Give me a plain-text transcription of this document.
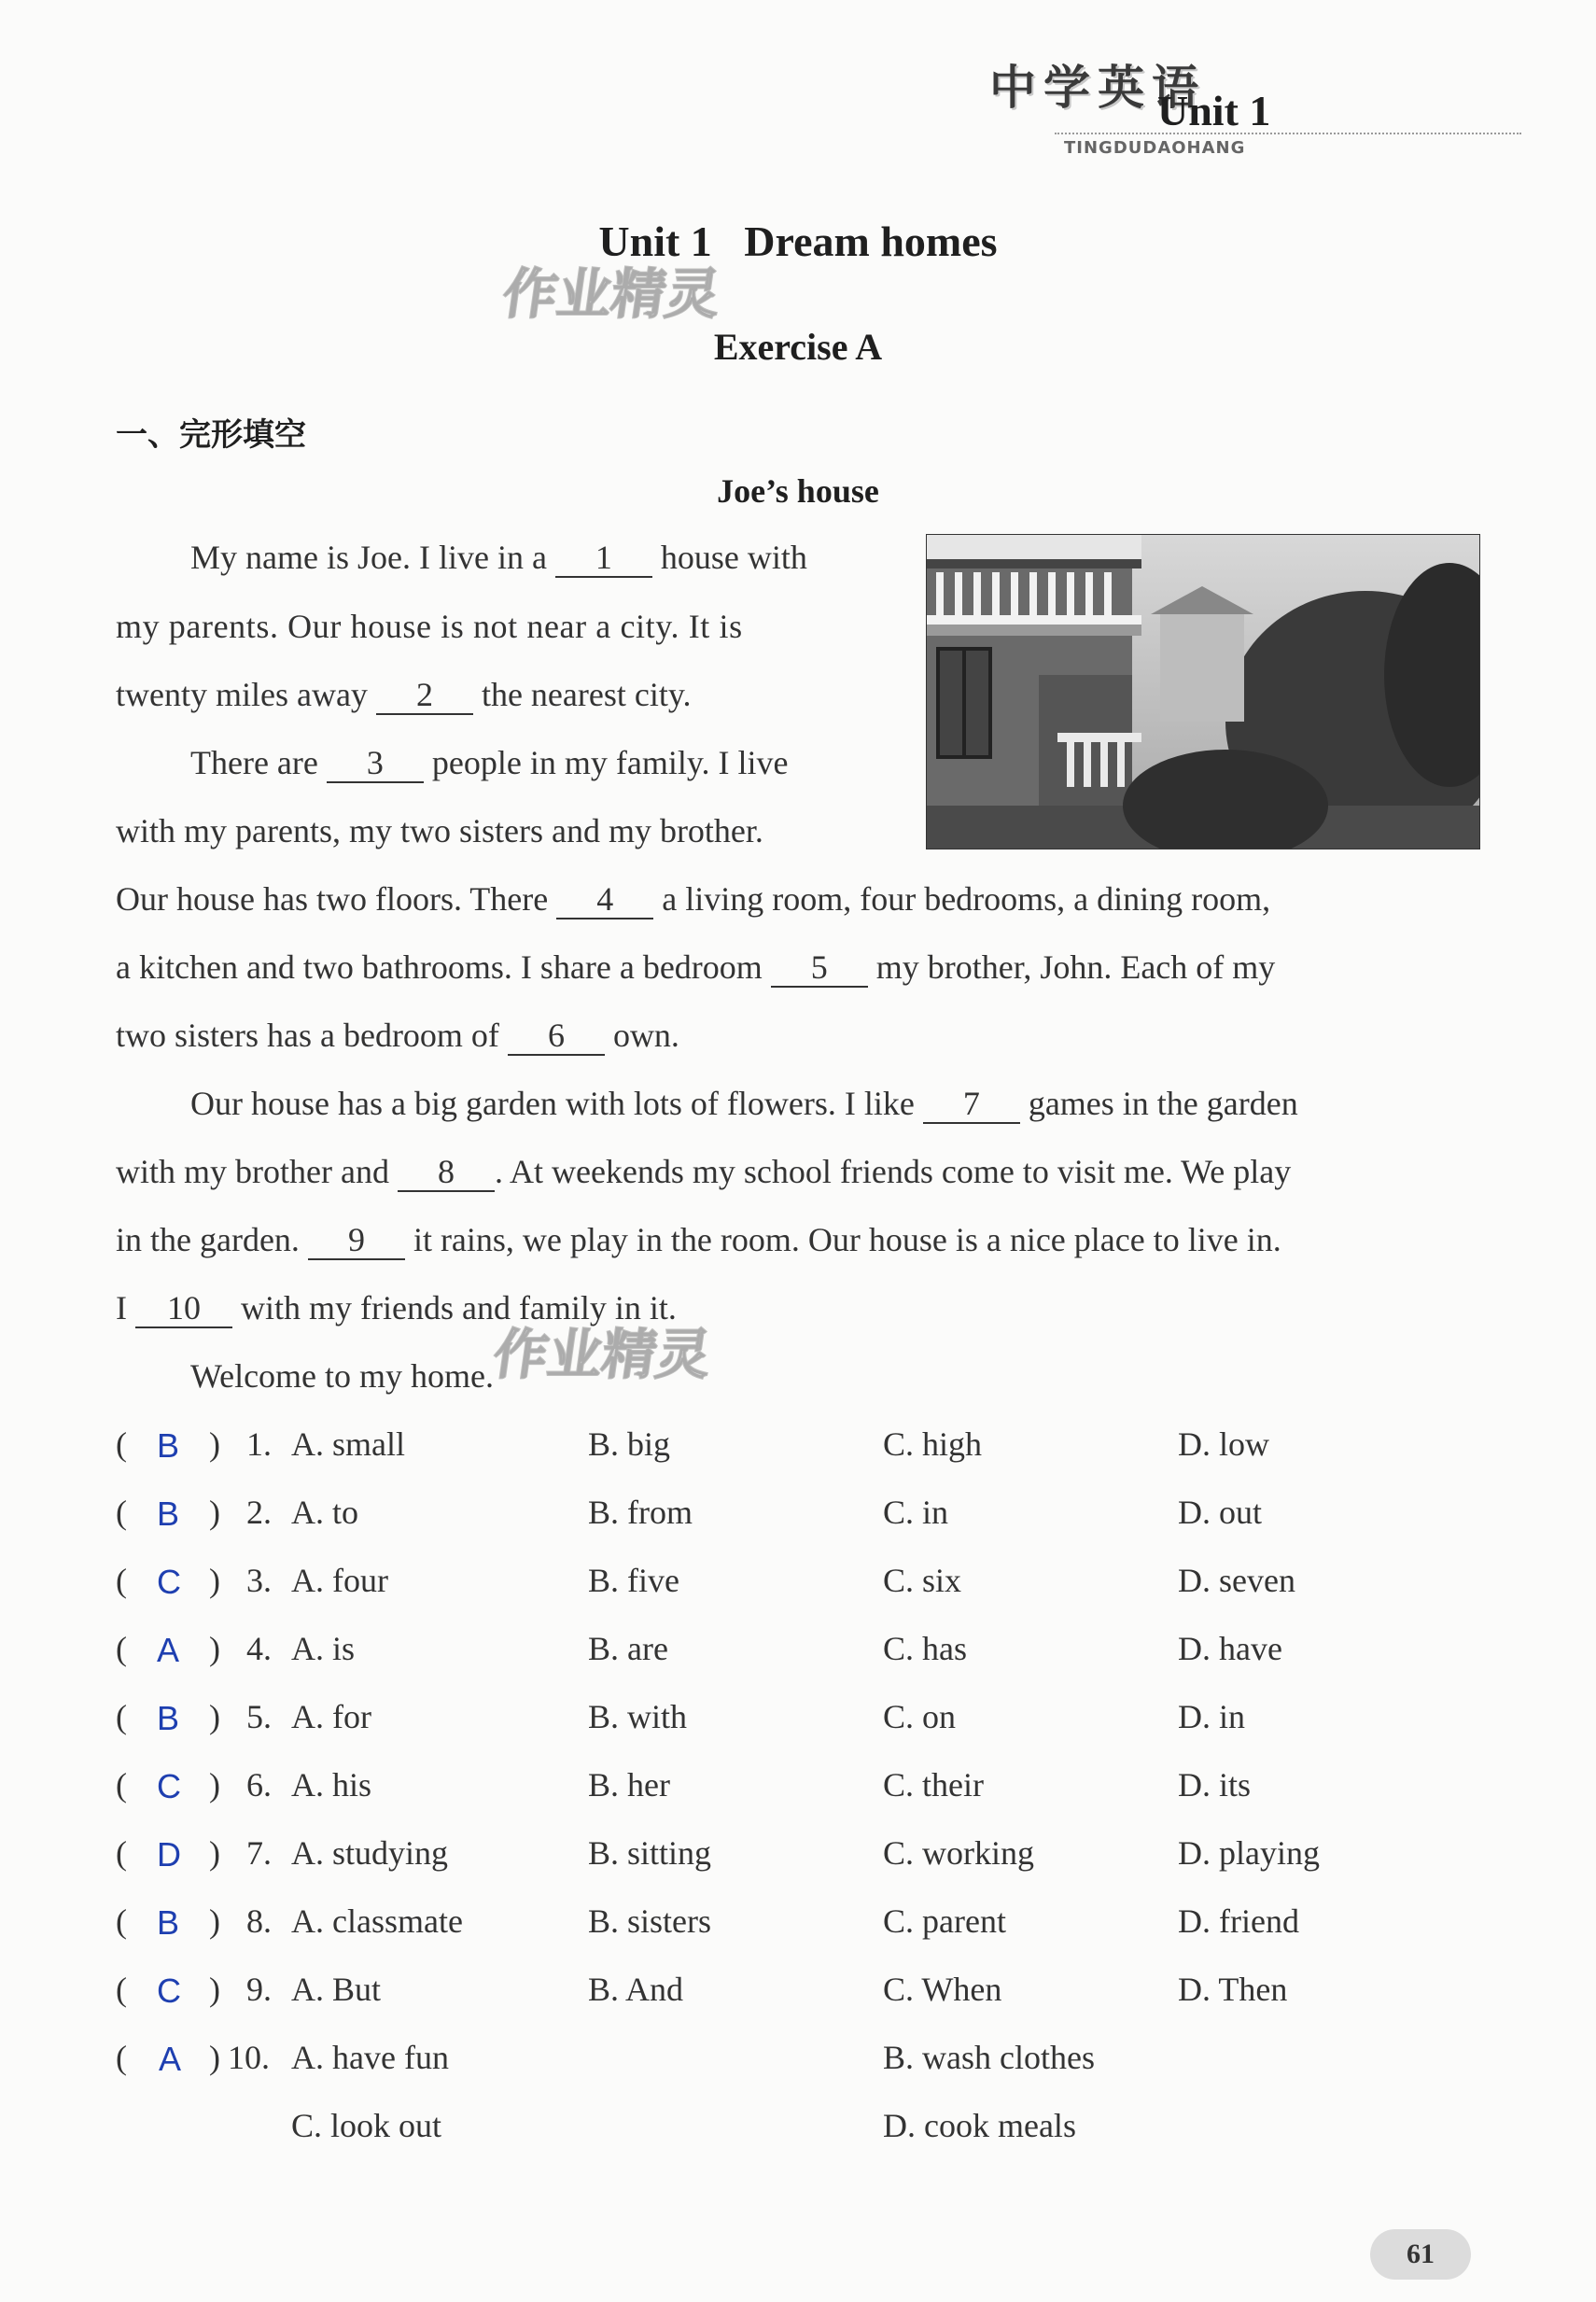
中学英语
Unit 1
TINGDUDAOHANG
Unit 1   Dream homes
作业精灵
Exercise A
一、完形填空
Joe’s house
My name is Joe. I live in a 1 house with
my parents. Our house is not near a city. It is
twenty miles away 2 the nearest city.
There are 3 people in my family. I live
with my parents, my two sisters and my brother.
Our house has two floors. There 4 a living room, four bedrooms, a dining room,
a kitchen and two bathrooms. I share a bedroom 5 my brother, John. Each of my
two sisters has a bedroom of 6 own.
Our house has a big garden with lots of flowers. I like 7 games in the garden
with my brother and 8 . At weekends my school friends come to visit me. We play
in the garden. 9 it rains, we play in the room. Our house is a nice place to live in.
I 10 with my friends and family in it.
作业精灵
Welcome to my home.
( B ) 1. A. small	B. big	C. high	D. low
( B ) 2. A. to	B. from	C. in	D. out
( C ) 3. A. four	B. five	C. six	D. seven
( A ) 4. A. is	B. are	C. has	D. have
( B ) 5. A. for	B. with	C. on	D. in
( C ) 6. A. his	B. her	C. their	D. its
( D ) 7. A. studying	B. sitting	C. working	D. playing
( B ) 8. A. classmate	B. sisters	C. parent	D. friend
( C ) 9. A. But	B. And	C. When	D. Then
( A ) 10. A. have fun	B. wash clothes
C. look out	D. cook meals
61
